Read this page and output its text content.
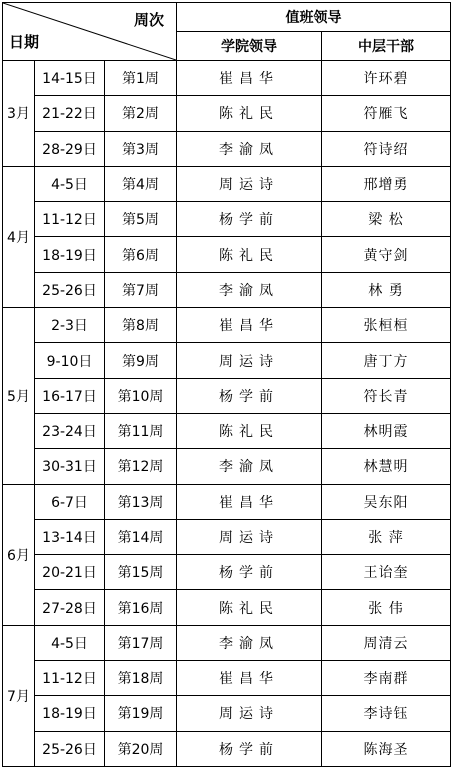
周次
日期			值班领导	
			学院领导	中层干部
3月	14-15日	第1周	崔昌华	许环碧
	21-22日	第2周	陈礼民	符雁飞
	28-29日	第3周	李渝凤	符诗绍
4月	4-5日	第4周	周运诗	邢增勇
	11-12日	第5周	杨学前	梁 松
	18-19日	第6周	陈礼民	黄守剑
	25-26日	第7周	李渝凤	林 勇
5月	2-3日	第8周	崔昌华	张桓桓
	9-10日	第9周	周运诗	唐丁方
	16-17日	第10周	杨学前	符长青
	23-24日	第11周	陈礼民	林明霞
	30-31日	第12周	李渝凤	林慧明
6月	6-7日	第13周	崔昌华	吴东阳
	13-14日	第14周	周运诗	张 萍
	20-21日	第15周	杨学前	王诒奎
	27-28日	第16周	陈礼民	张 伟
7月	4-5日	第17周	李渝凤	周清云
	11-12日	第18周	崔昌华	李南群
	18-19日	第19周	周运诗	李诗钰
	25-26日	第20周	杨学前	陈海圣
